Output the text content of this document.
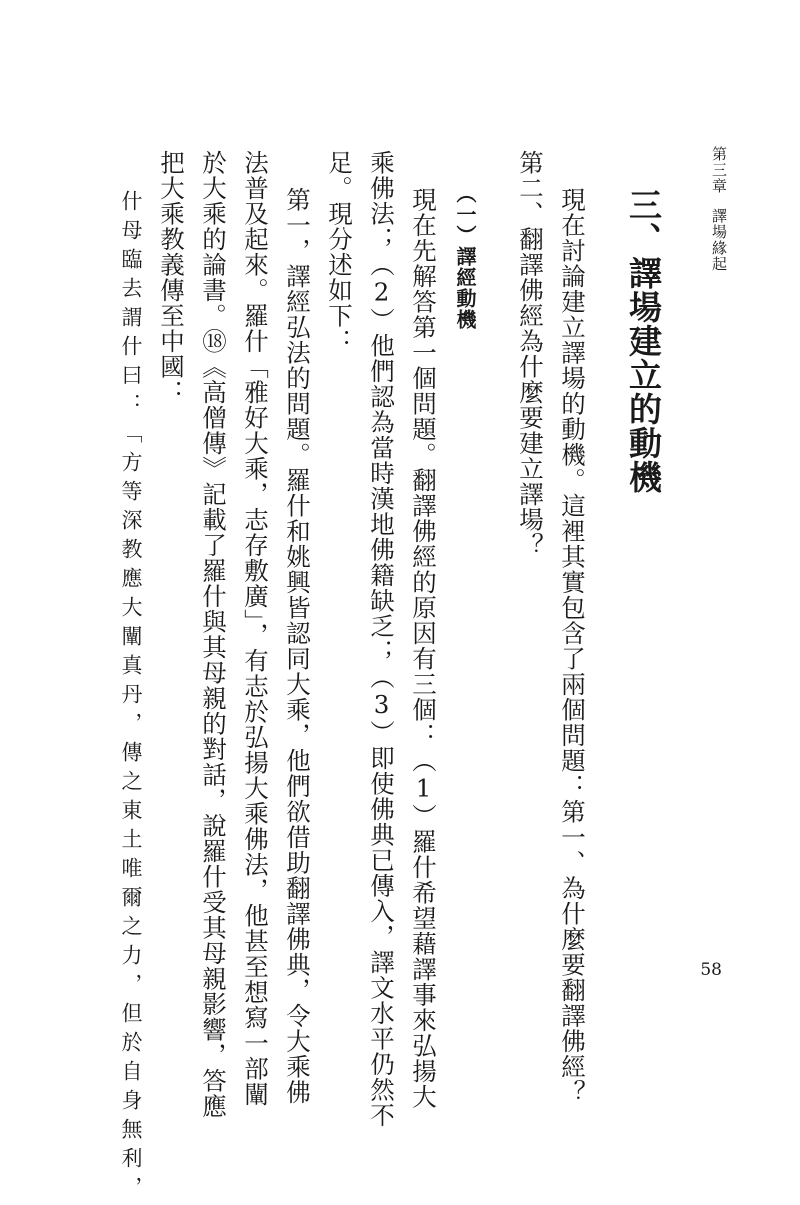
第三章　譯場緣起
58
三、譯場建立的動機
現在討論建立譯場的動機。這裡其實包含了兩個問題：第一、為什麼要翻譯佛經？
第二、翻譯佛經為什麼要建立譯場？
（一）譯經動機
現在先解答第一個問題。翻譯佛經的原因有三個：（1）羅什希望藉譯事來弘揚大
乘佛法；（2）他們認為當時漢地佛籍缺乏；（3）即使佛典已傳入，譯文水平仍然不
足。現分述如下：
第一，譯經弘法的問題。羅什和姚興皆認同大乘，他們欲借助翻譯佛典，令大乘佛
法普及起來。羅什「雅好大乘，志存敷廣」，有志於弘揚大乘佛法，他甚至想寫一部闡
於大乘的論書。⑱《高僧傳》記載了羅什與其母親的對話，說羅什受其母親影響，答應
把大乘教義傳至中國：
什母臨去謂什曰：「方等深教應大闡真丹，傳之東土唯爾之力，但於自身無利，
